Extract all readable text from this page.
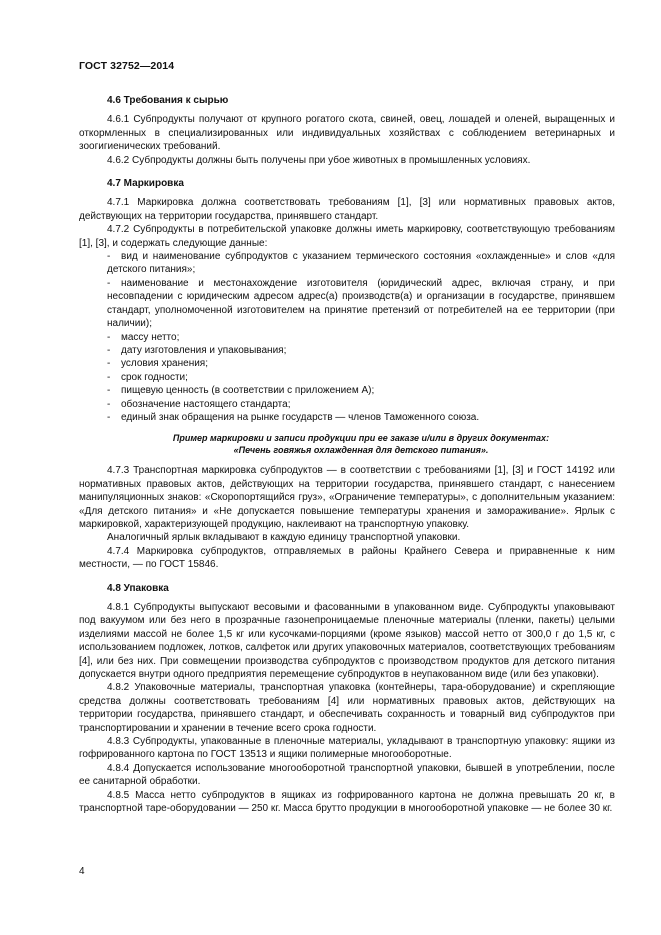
ГОСТ 32752—2014
4.6 Требования к сырью

4.6.1 Субпродукты получают от крупного рогатого скота, свиней, овец, лошадей и оленей, выращенных и откормленных в специализированных или индивидуальных хозяйствах с соблюдением ветеринарных и зоогигиенических требований.

4.6.2 Субпродукты должны быть получены при убое животных в промышленных условиях.

4.7 Маркировка

4.7.1 Маркировка должна соответствовать требованиям [1], [3] или нормативных правовых актов, действующих на территории государства, принявшего стандарт.

4.7.2 Субпродукты в потребительской упаковке должны иметь маркировку, соответствующую требованиям [1], [3], и содержать следующие данные:

- вид и наименование субпродуктов с указанием термического состояния «охлажденные» и слов «для детского питания»;
- наименование и местонахождение изготовителя (юридический адрес, включая страну, и при несовпадении с юридическим адресом адрес(а) производств(а) и организации в государстве, принявшем стандарт, уполномоченной изготовителем на принятие претензий от потребителей на ее территории (при наличии);
- массу нетто;
- дату изготовления и упаковывания;
- условия хранения;
- срок годности;
- пищевую ценность (в соответствии с приложением А);
- обозначение настоящего стандарта;
- единый знак обращения на рынке государств — членов Таможенного союза.
Пример маркировки и записи продукции при ее заказе и/или в других документах:
«Печень говяжья охлажденная для детского питания».

4.7.3 Транспортная маркировка субпродуктов — в соответствии с требованиями [1], [3] и ГОСТ 14192 или нормативных правовых актов, действующих на территории государства, принявшего стандарт, с нанесением манипуляционных знаков: «Скоропортящийся груз», «Ограничение температуры», с дополнительным указанием: «Для детского питания» и «Не допускается повышение температуры хранения и замораживание». Ярлык с маркировкой, характеризующей продукцию, наклеивают на транспортную упаковку.

Аналогичный ярлык вкладывают в каждую единицу транспортной упаковки.

4.7.4 Маркировка субпродуктов, отправляемых в районы Крайнего Севера и приравненные к ним местности, — по ГОСТ 15846.

4.8 Упаковка

4.8.1 Субпродукты выпускают весовыми и фасованными в упакованном виде. Субпродукты упаковывают под вакуумом или без него в прозрачные газонепроницаемые пленочные материалы (пленки, пакеты) целыми изделиями массой не более 1,5 кг или кусочками-порциями (кроме языков) массой нетто от 300,0 г до 1,5 кг, с использованием подложек, лотков, салфеток или других упаковочных материалов, соответствующих требованиям [4], или без них. При совмещении производства субпродуктов с производством продуктов для детского питания допускается внутри одного предприятия перемещение субпродуктов в неупакованном виде (или без упаковки).

4.8.2 Упаковочные материалы, транспортная упаковка (контейнеры, тара-оборудование) и скрепляющие средства должны соответствовать требованиям [4] или нормативных правовых актов, действующих на территории государства, принявшего стандарт, и обеспечивать сохранность и товарный вид субпродуктов при транспортировании и хранении в течение всего срока годности.

4.8.3 Субпродукты, упакованные в пленочные материалы, укладывают в транспортную упаковку: ящики из гофрированного картона по ГОСТ 13513 и ящики полимерные многооборотные.

4.8.4 Допускается использование многооборотной транспортной упаковки, бывшей в употреблении, после ее санитарной обработки.

4.8.5 Масса нетто субпродуктов в ящиках из гофрированного картона не должна превышать 20 кг, в транспортной таре-оборудовании — 250 кг. Масса брутто продукции в многооборотной упаковке — не более 30 кг.

4
